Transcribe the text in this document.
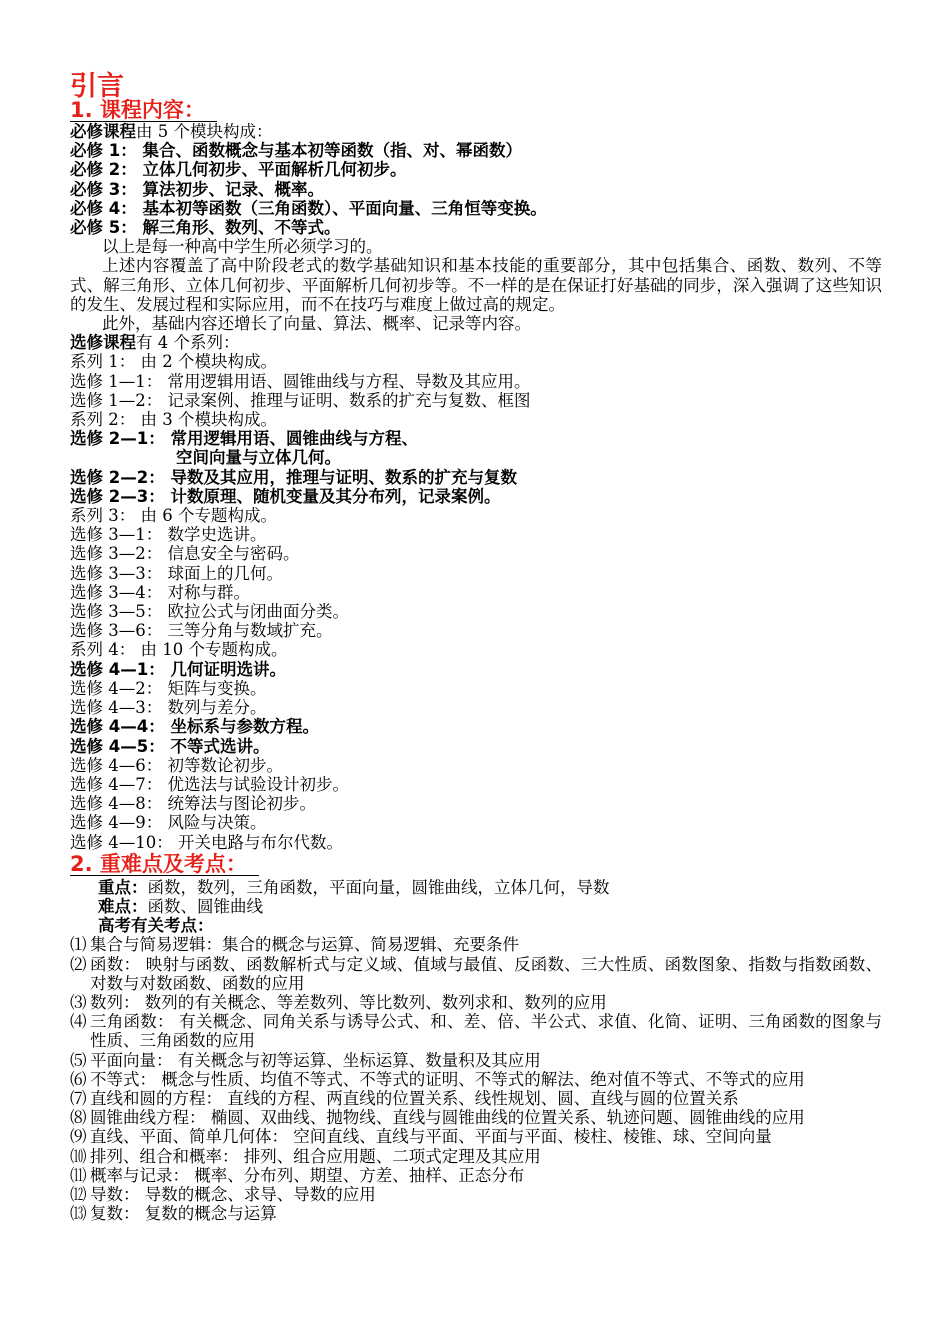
引言
1. 课程内容：
必修课程由 5 个模块构成：
必修 1： 集合、函数概念与基本初等函数（指、对、幂函数）
必修 2： 立体几何初步、平面解析几何初步。
必修 3： 算法初步、记录、概率。
必修 4： 基本初等函数（三角函数）、平面向量、三角恒等变换。
必修 5： 解三角形、数列、不等式。
以上是每一种高中学生所必须学习的。
上述内容覆盖了高中阶段老式的数学基础知识和基本技能的重要部分，其中包括集合、函数、数列、不等式、解三角形、立体几何初步、平面解析几何初步等。不一样的是在保证打好基础的同步，深入强调了这些知识的发生、发展过程和实际应用，而不在技巧与难度上做过高的规定。
此外，基础内容还增长了向量、算法、概率、记录等内容。
选修课程有 4 个系列：
系列 1： 由 2 个模块构成。
选修 1—1： 常用逻辑用语、圆锥曲线与方程、导数及其应用。
选修 1—2： 记录案例、推理与证明、数系的扩充与复数、框图
系列 2： 由 3 个模块构成。
选修 2—1： 常用逻辑用语、圆锥曲线与方程、
空间向量与立体几何。
选修 2—2： 导数及其应用，推理与证明、数系的扩充与复数
选修 2—3： 计数原理、随机变量及其分布列，记录案例。
系列 3： 由 6 个专题构成。
选修 3—1： 数学史选讲。
选修 3—2： 信息安全与密码。
选修 3—3： 球面上的几何。
选修 3—4： 对称与群。
选修 3—5： 欧拉公式与闭曲面分类。
选修 3—6： 三等分角与数域扩充。
系列 4： 由 10 个专题构成。
选修 4—1： 几何证明选讲。
选修 4—2： 矩阵与变换。
选修 4—3： 数列与差分。
选修 4—4： 坐标系与参数方程。
选修 4—5： 不等式选讲。
选修 4—6： 初等数论初步。
选修 4—7： 优选法与试验设计初步。
选修 4—8： 统筹法与图论初步。
选修 4—9： 风险与决策。
选修 4—10： 开关电路与布尔代数。
2. 重难点及考点：
重点：函数，数列，三角函数，平面向量，圆锥曲线，立体几何，导数
难点：函数、圆锥曲线
高考有关考点：
⑴ 集合与简易逻辑：集合的概念与运算、简易逻辑、充要条件
⑵ 函数： 映射与函数、函数解析式与定义域、值域与最值、反函数、三大性质、函数图象、指数与指数函数、对数与对数函数、函数的应用
⑶ 数列： 数列的有关概念、等差数列、等比数列、数列求和、数列的应用
⑷ 三角函数： 有关概念、同角关系与诱导公式、和、差、倍、半公式、求值、化简、证明、三角函数的图象与性质、三角函数的应用
⑸ 平面向量： 有关概念与初等运算、坐标运算、数量积及其应用
⑹ 不等式： 概念与性质、均值不等式、不等式的证明、不等式的解法、绝对值不等式、不等式的应用
⑺ 直线和圆的方程： 直线的方程、两直线的位置关系、线性规划、圆、直线与圆的位置关系
⑻ 圆锥曲线方程： 椭圆、双曲线、抛物线、直线与圆锥曲线的位置关系、轨迹问题、圆锥曲线的应用
⑼ 直线、平面、简单几何体： 空间直线、直线与平面、平面与平面、棱柱、棱锥、球、空间向量
⑽ 排列、组合和概率： 排列、组合应用题、二项式定理及其应用
⑾ 概率与记录： 概率、分布列、期望、方差、抽样、正态分布
⑿ 导数： 导数的概念、求导、导数的应用
⒀ 复数： 复数的概念与运算
